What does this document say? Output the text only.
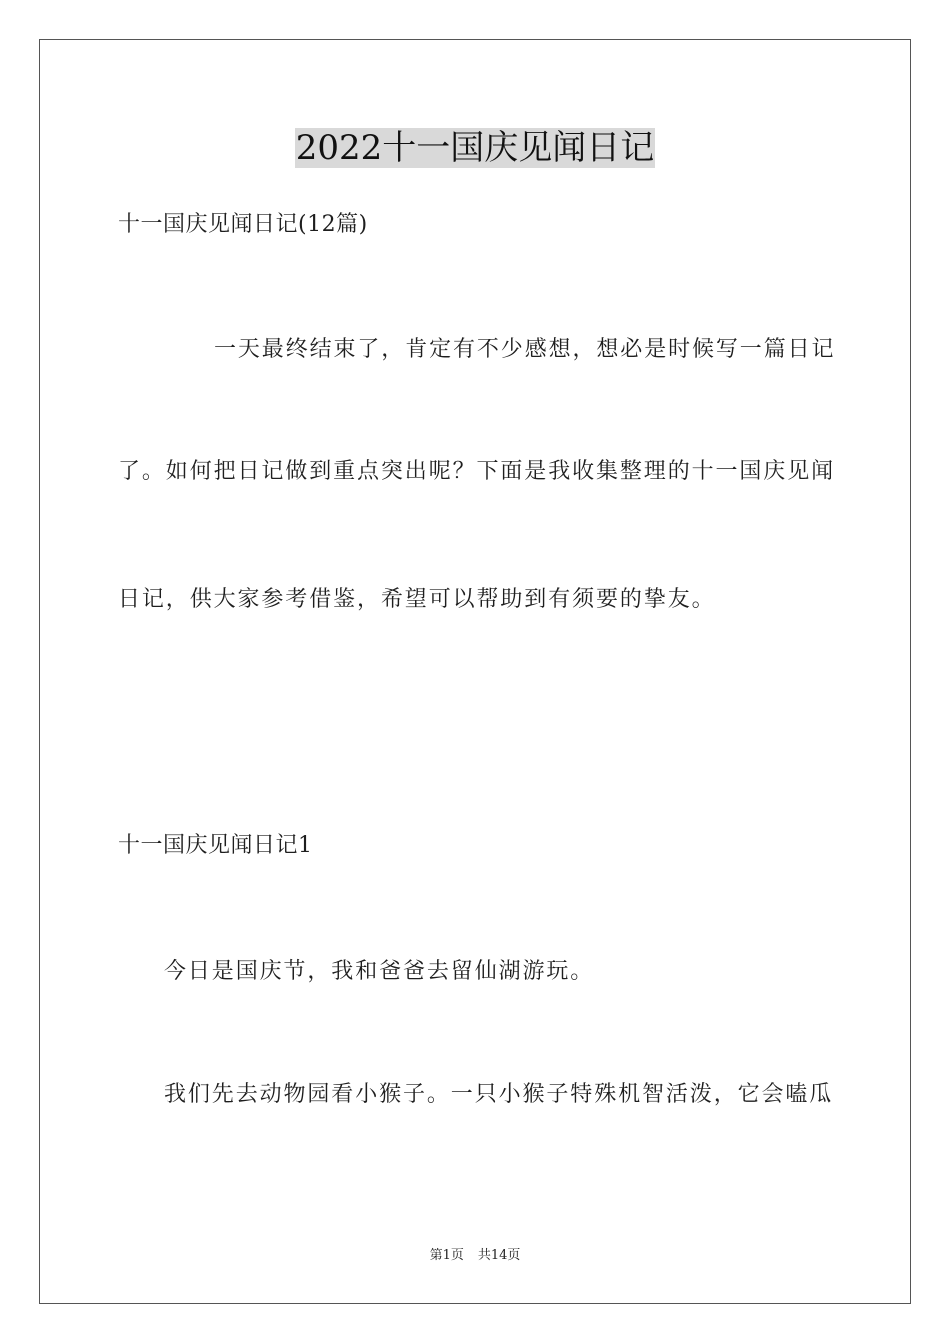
2022十一国庆见闻日记
十一国庆见闻日记(12篇)
一天最终结束了，肯定有不少感想，想必是时候写一篇日记
了。如何把日记做到重点突出呢？下面是我收集整理的十一国庆见闻
日记，供大家参考借鉴，希望可以帮助到有须要的挚友。
十一国庆见闻日记1
今日是国庆节，我和爸爸去留仙湖游玩。
我们先去动物园看小猴子。一只小猴子特殊机智活泼，它会嗑瓜
第1页 共14页
